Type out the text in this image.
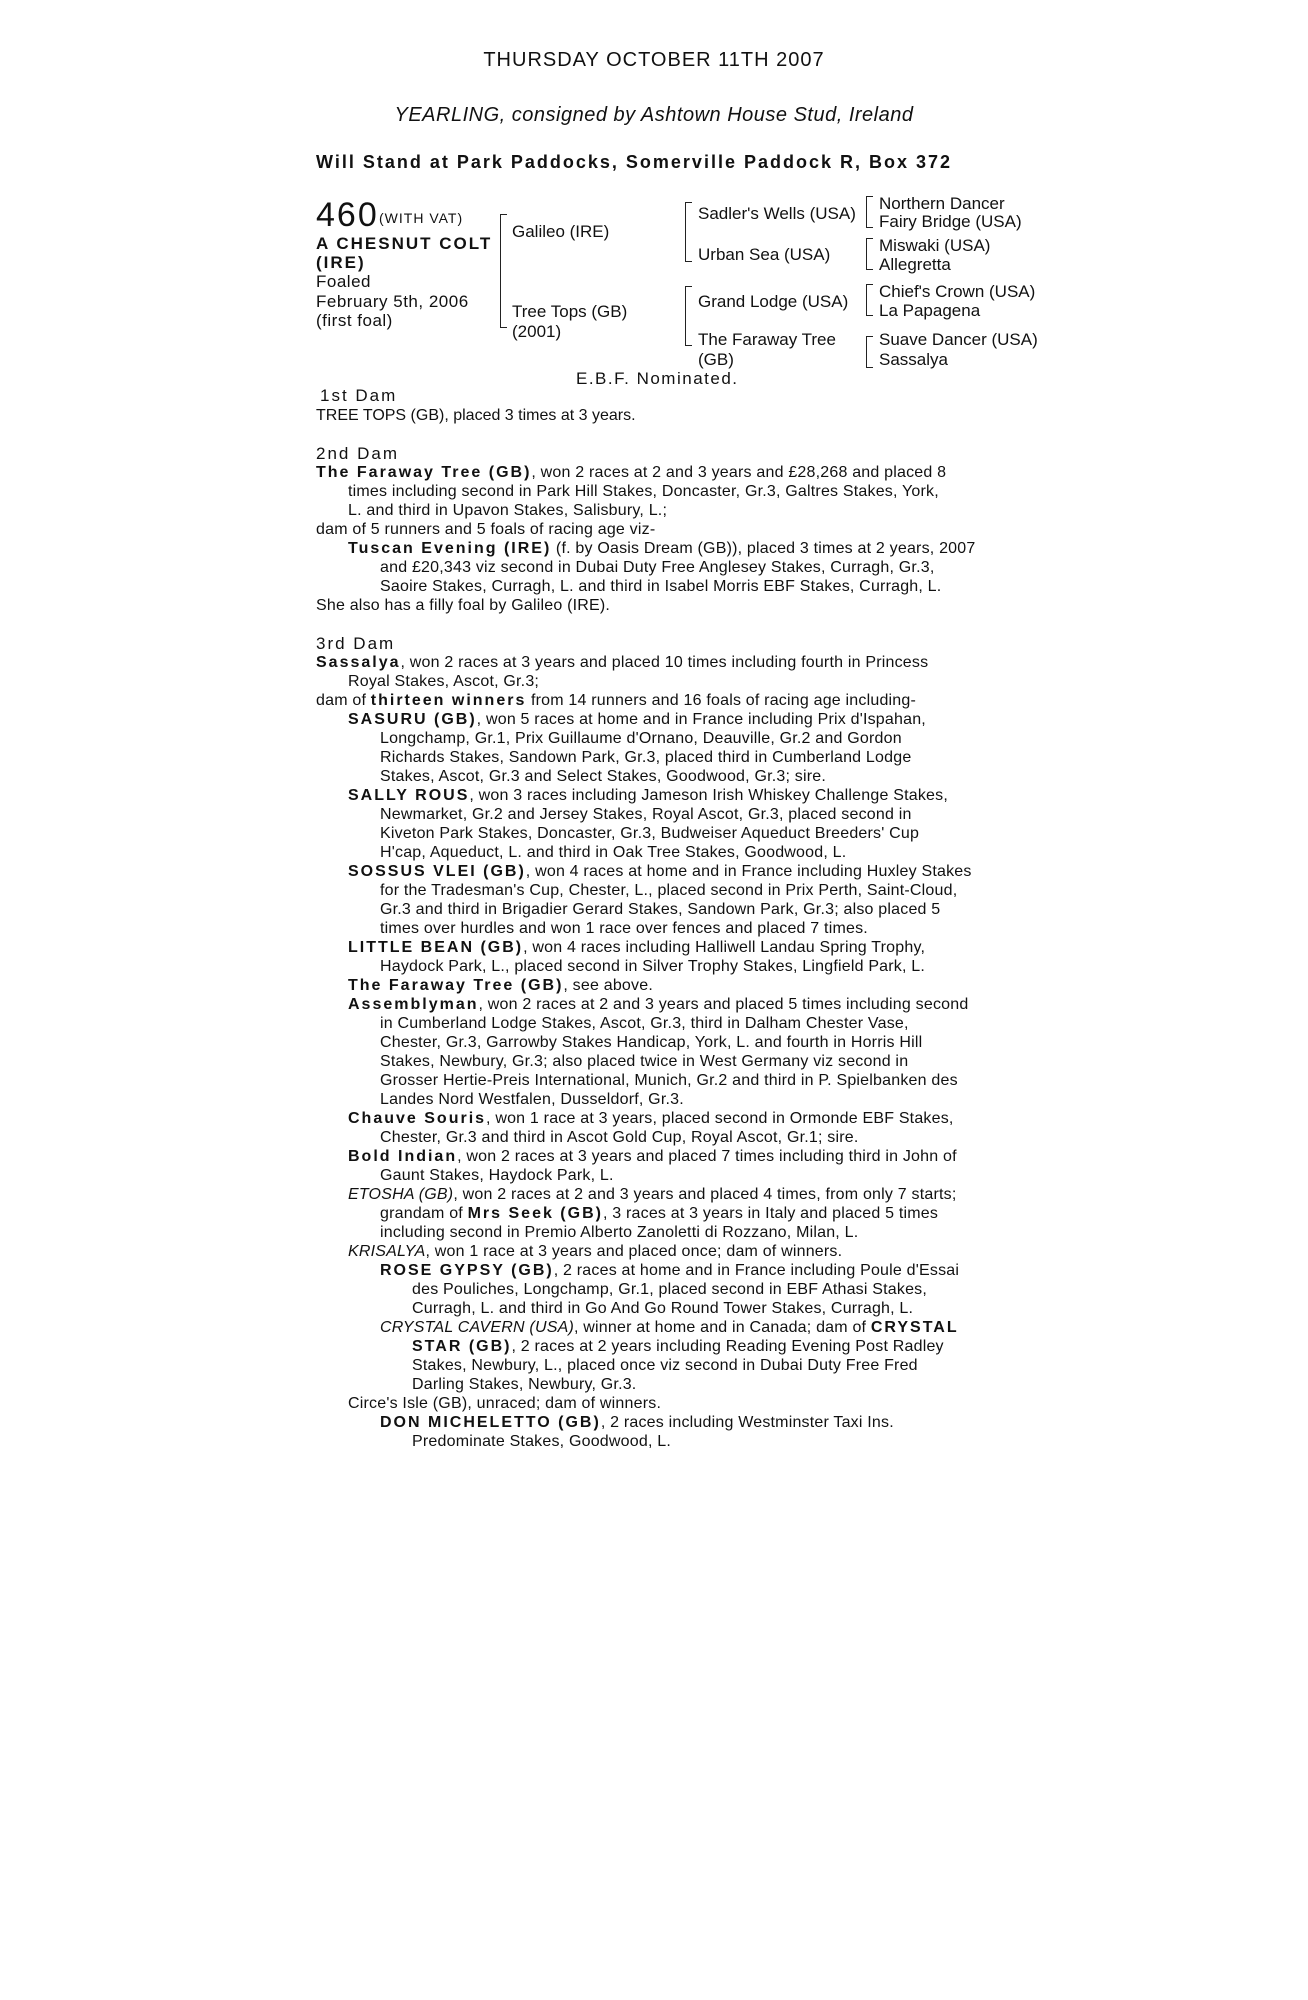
THURSDAY OCTOBER 11TH 2007
YEARLING, consigned by Ashtown House Stud, Ireland
Will Stand at Park Paddocks, Somerville Paddock R, Box 372
460 (WITH VAT)
A CHESNUT COLT
(IRE)
Foaled
February 5th, 2006
(first foal)
Galileo (IRE)
Tree Tops (GB)
(2001)
Sadler's Wells (USA)
Urban Sea (USA)
Grand Lodge (USA)
The Faraway Tree
(GB)
Northern Dancer
Fairy Bridge (USA)
Miswaki (USA)
Allegretta
Chief's Crown (USA)
La Papagena
Suave Dancer (USA)
Sassalya
E.B.F. Nominated.
1st Dam
TREE TOPS (GB), placed 3 times at 3 years.
2nd Dam
The Faraway Tree (GB), won 2 races at 2 and 3 years and £28,268 and placed 8
times including second in Park Hill Stakes, Doncaster, Gr.3, Galtres Stakes, York,
L. and third in Upavon Stakes, Salisbury, L.;
dam of 5 runners and 5 foals of racing age viz-
Tuscan Evening (IRE) (f. by Oasis Dream (GB)), placed 3 times at 2 years, 2007
and £20,343 viz second in Dubai Duty Free Anglesey Stakes, Curragh, Gr.3,
Saoire Stakes, Curragh, L. and third in Isabel Morris EBF Stakes, Curragh, L.
She also has a filly foal by Galileo (IRE).
3rd Dam
Sassalya, won 2 races at 3 years and placed 10 times including fourth in Princess
Royal Stakes, Ascot, Gr.3;
dam of thirteen winners from 14 runners and 16 foals of racing age including-
SASURU (GB), won 5 races at home and in France including Prix d'Ispahan,
Longchamp, Gr.1, Prix Guillaume d'Ornano, Deauville, Gr.2 and Gordon
Richards Stakes, Sandown Park, Gr.3, placed third in Cumberland Lodge
Stakes, Ascot, Gr.3 and Select Stakes, Goodwood, Gr.3; sire.
SALLY ROUS, won 3 races including Jameson Irish Whiskey Challenge Stakes,
Newmarket, Gr.2 and Jersey Stakes, Royal Ascot, Gr.3, placed second in
Kiveton Park Stakes, Doncaster, Gr.3, Budweiser Aqueduct Breeders' Cup
H'cap, Aqueduct, L. and third in Oak Tree Stakes, Goodwood, L.
SOSSUS VLEI (GB), won 4 races at home and in France including Huxley Stakes
for the Tradesman's Cup, Chester, L., placed second in Prix Perth, Saint-Cloud,
Gr.3 and third in Brigadier Gerard Stakes, Sandown Park, Gr.3; also placed 5
times over hurdles and won 1 race over fences and placed 7 times.
LITTLE BEAN (GB), won 4 races including Halliwell Landau Spring Trophy,
Haydock Park, L., placed second in Silver Trophy Stakes, Lingfield Park, L.
The Faraway Tree (GB), see above.
Assemblyman, won 2 races at 2 and 3 years and placed 5 times including second
in Cumberland Lodge Stakes, Ascot, Gr.3, third in Dalham Chester Vase,
Chester, Gr.3, Garrowby Stakes Handicap, York, L. and fourth in Horris Hill
Stakes, Newbury, Gr.3; also placed twice in West Germany viz second in
Grosser Hertie-Preis International, Munich, Gr.2 and third in P. Spielbanken des
Landes Nord Westfalen, Dusseldorf, Gr.3.
Chauve Souris, won 1 race at 3 years, placed second in Ormonde EBF Stakes,
Chester, Gr.3 and third in Ascot Gold Cup, Royal Ascot, Gr.1; sire.
Bold Indian, won 2 races at 3 years and placed 7 times including third in John of
Gaunt Stakes, Haydock Park, L.
ETOSHA (GB), won 2 races at 2 and 3 years and placed 4 times, from only 7 starts;
grandam of Mrs Seek (GB), 3 races at 3 years in Italy and placed 5 times
including second in Premio Alberto Zanoletti di Rozzano, Milan, L.
KRISALYA, won 1 race at 3 years and placed once; dam of winners.
ROSE GYPSY (GB), 2 races at home and in France including Poule d'Essai
des Pouliches, Longchamp, Gr.1, placed second in EBF Athasi Stakes,
Curragh, L. and third in Go And Go Round Tower Stakes, Curragh, L.
CRYSTAL CAVERN (USA), winner at home and in Canada; dam of CRYSTAL
STAR (GB), 2 races at 2 years including Reading Evening Post Radley
Stakes, Newbury, L., placed once viz second in Dubai Duty Free Fred
Darling Stakes, Newbury, Gr.3.
Circe's Isle (GB), unraced; dam of winners.
DON MICHELETTO (GB), 2 races including Westminster Taxi Ins.
Predominate Stakes, Goodwood, L.
